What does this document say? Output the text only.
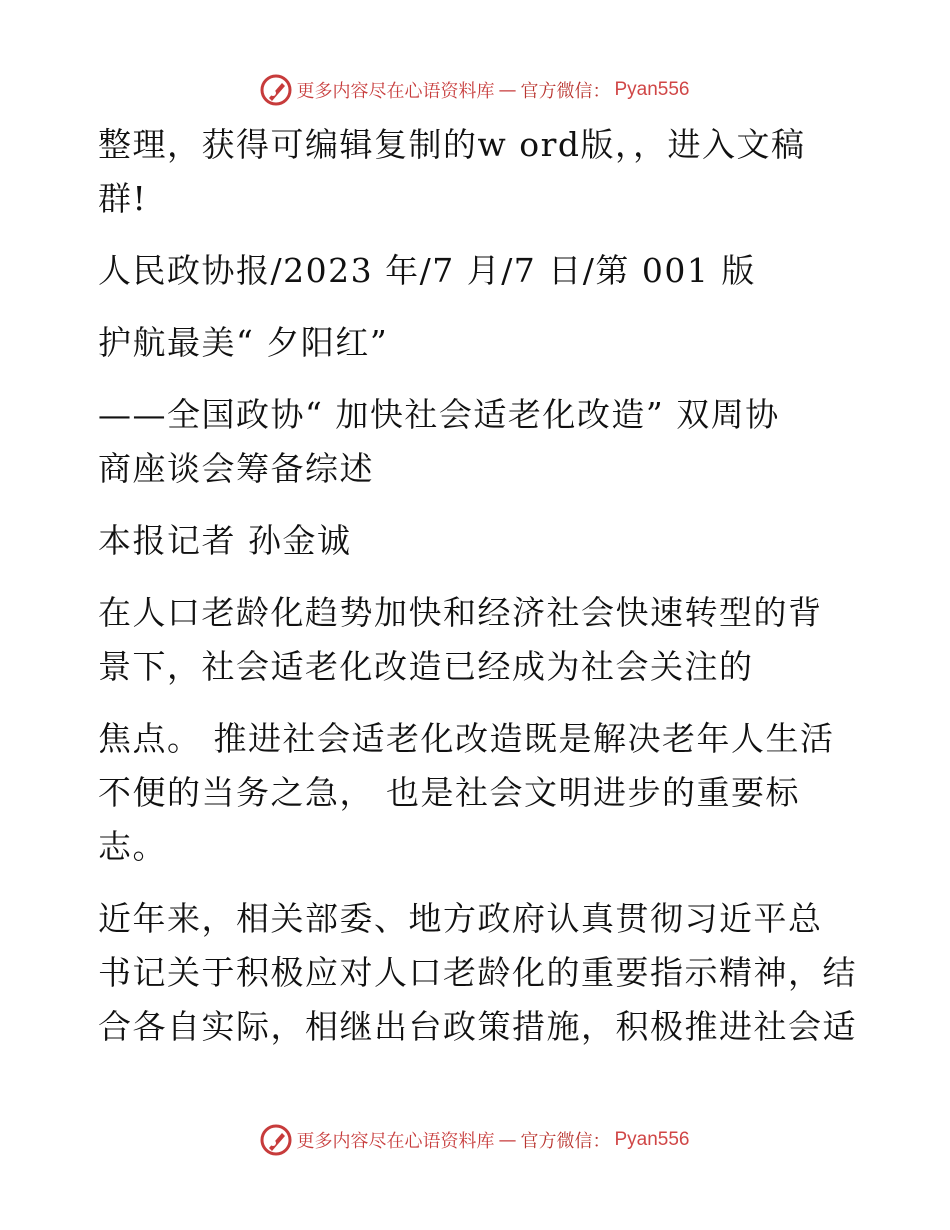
更多内容尽在心语资料库 — 官方微信： Pyan556
整理，获得可编辑复制的w ord版，，进入文稿
群!
人民政协报/2023 年/7 月/7 日/第 001 版
护航最美“ 夕阳红”
——全国政协“ 加快社会适老化改造” 双周协
商座谈会筹备综述
本报记者 孙金诚
在人口老龄化趋势加快和经济社会快速转型的背
景下，社会适老化改造已经成为社会关注的
焦点。 推进社会适老化改造既是解决老年人生活
不便的当务之急， 也是社会文明进步的重要标
志。
近年来，相关部委、地方政府认真贯彻习近平总
书记关于积极应对人口老龄化的重要指示精神，结
合各自实际，相继出台政策措施，积极推进社会适
更多内容尽在心语资料库 — 官方微信： Pyan556
